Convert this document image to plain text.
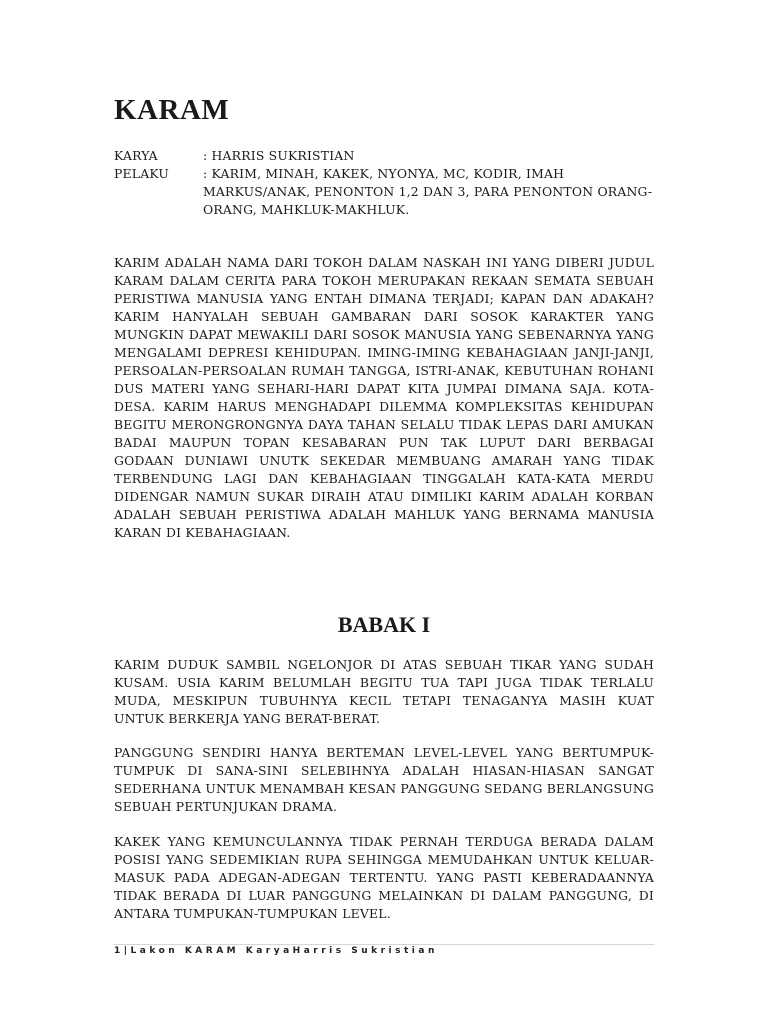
KARAM
KARYA	: HARRIS SUKRISTIAN
PELAKU	: KARIM, MINAH, KAKEK, NYONYA, MC, KODIR, IMAH MARKUS/ANAK, PENONTON 1,2 DAN 3, PARA PENONTON ORANG-ORANG, MAHKLUK-MAKHLUK.

KARIM ADALAH NAMA DARI TOKOH DALAM NASKAH INI YANG DIBERI JUDUL KARAM DALAM CERITA PARA TOKOH MERUPAKAN REKAAN SEMATA SEBUAH PERISTIWA MANUSIA YANG ENTAH DIMANA TERJADI; KAPAN DAN ADAKAH? KARIM HANYALAH SEBUAH GAMBARAN DARI SOSOK KARAKTER YANG MUNGKIN DAPAT MEWAKILI DARI SOSOK MANUSIA YANG SEBENARNYA YANG MENGALAMI DEPRESI KEHIDUPAN. IMING-IMING KEBAHAGIAAN JANJI-JANJI, PERSOALAN-PERSOALAN RUMAH TANGGA, ISTRI-ANAK, KEBUTUHAN ROHANI DUS MATERI YANG SEHARI-HARI DAPAT KITA JUMPAI DIMANA SAJA. KOTA-DESA. KARIM HARUS MENGHADAPI DILEMMA KOMPLEKSITAS KEHIDUPAN BEGITU MERONGRONGNYA DAYA TAHAN SELALU TIDAK LEPAS DARI AMUKAN BADAI MAUPUN TOPAN KESABARAN PUN TAK LUPUT DARI BERBAGAI GODAAN DUNIAWI UNUTK SEKEDAR MEMBUANG AMARAH YANG TIDAK TERBENDUNG LAGI DAN KEBAHAGIAAN TINGGALAH KATA-KATA MERDU DIDENGAR NAMUN SUKAR DIRAIH ATAU DIMILIKI KARIM ADALAH KORBAN ADALAH SEBUAH PERISTIWA ADALAH MAHLUK YANG BERNAMA MANUSIA KARAN DI KEBAHAGIAAN.

BABAK I

KARIM DUDUK SAMBIL NGELONJOR DI ATAS SEBUAH TIKAR YANG SUDAH KUSAM. USIA KARIM BELUMLAH BEGITU TUA TAPI JUGA TIDAK TERLALU MUDA, MESKIPUN TUBUHNYA KECIL TETAPI TENAGANYA MASIH KUAT UNTUK BERKERJA YANG BERAT-BERAT.

PANGGUNG SENDIRI HANYA BERTEMAN LEVEL-LEVEL YANG BERTUMPUK-TUMPUK DI SANA-SINI SELEBIHNYA ADALAH HIASAN-HIASAN SANGAT SEDERHANA UNTUK MENAMBAH KESAN PANGGUNG SEDANG BERLANGSUNG SEBUAH PERTUNJUKAN DRAMA.

KAKEK YANG KEMUNCULANNYA TIDAK PERNAH TERDUGA BERADA DALAM POSISI YANG SEDEMIKIAN RUPA SEHINGGA MEMUDAHKAN UNTUK KELUAR-MASUK PADA ADEGAN-ADEGAN TERTENTU. YANG PASTI KEBERADAANNYA TIDAK BERADA DI LUAR PANGGUNG MELAINKAN DI DALAM PANGGUNG, DI ANTARA TUMPUKAN-TUMPUKAN LEVEL.

1|Lakon KARAM KaryaHarris Sukristian
